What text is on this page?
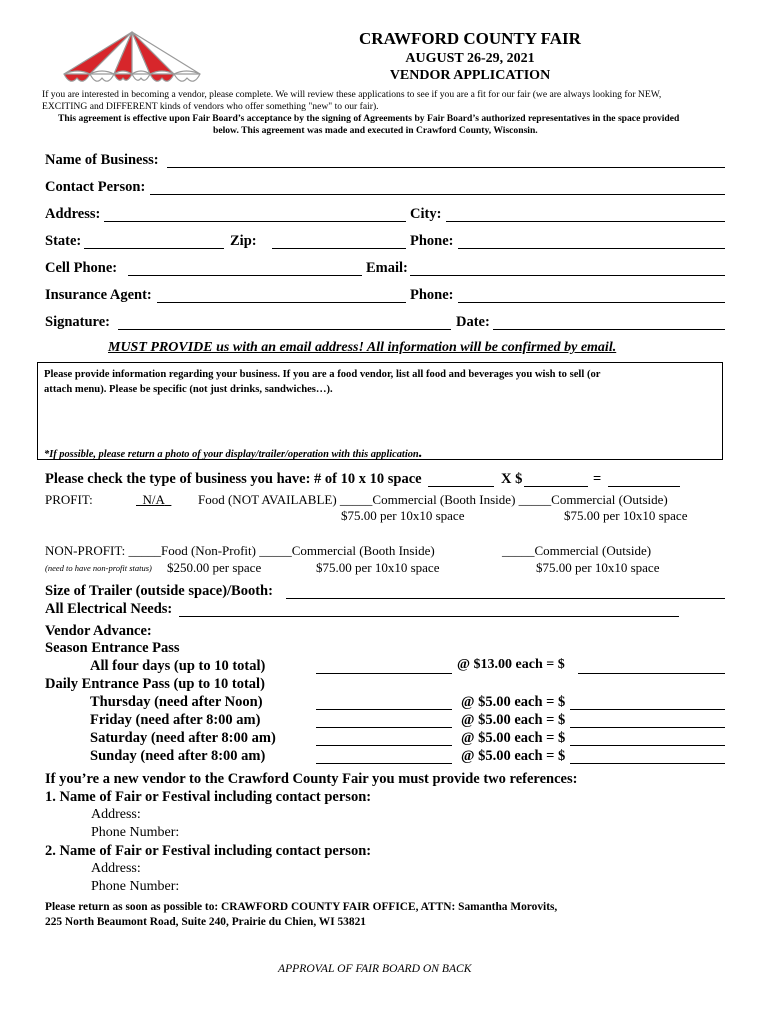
CRAWFORD COUNTY FAIR
AUGUST 26-29, 2021
VENDOR APPLICATION
If you are interested in becoming a vendor, please complete. We will review these applications to see if you are a fit for our fair (we are always looking for NEW,
EXCITING and DIFFERENT kinds of vendors who offer something "new" to our fair).
This agreement is effective upon Fair Board’s acceptance by the signing of Agreements by Fair Board’s authorized representatives in the space provided
below. This agreement was made and executed in Crawford County, Wisconsin.
Name of Business:
Contact Person:
Address:	City:
State:	Zip:	Phone:
Cell Phone:	Email:
Insurance Agent:	Phone:
Signature:	Date:
MUST PROVIDE us with an email address! All information will be confirmed by email.
Please provide information regarding your business. If you are a food vendor, list all food and beverages you wish to sell (or
attach menu). Please be specific (not just drinks, sandwiches…).
*If possible, please return a photo of your display/trailer/operation with this application.
Please check the type of business you have: # of 10 x 10 space	X $	=
PROFIT:	N/A	Food (NOT AVAILABLE) _____Commercial (Booth Inside) _____Commercial (Outside)
$75.00 per 10x10 space	$75.00 per 10x10 space
NON-PROFIT: _____Food (Non-Profit) _____Commercial (Booth Inside)	_____Commercial (Outside)
(need to have non-profit status) $250.00 per space	$75.00 per 10x10 space	$75.00 per 10x10 space
Size of Trailer (outside space)/Booth:
All Electrical Needs:
Vendor Advance:
Season Entrance Pass
All four days (up to 10 total)	@ $13.00 each = $
Daily Entrance Pass (up to 10 total)
Thursday (need after Noon)	@ $5.00 each = $
Friday (need after 8:00 am)	@ $5.00 each = $
Saturday (need after 8:00 am)	@ $5.00 each = $
Sunday (need after 8:00 am)	@ $5.00 each = $
If you’re a new vendor to the Crawford County Fair you must provide two references:
1. Name of Fair or Festival including contact person:
Address:
Phone Number:
2. Name of Fair or Festival including contact person:
Address:
Phone Number:
Please return as soon as possible to: CRAWFORD COUNTY FAIR OFFICE, ATTN: Samantha Morovits,
225 North Beaumont Road, Suite 240, Prairie du Chien, WI 53821
APPROVAL OF FAIR BOARD ON BACK
